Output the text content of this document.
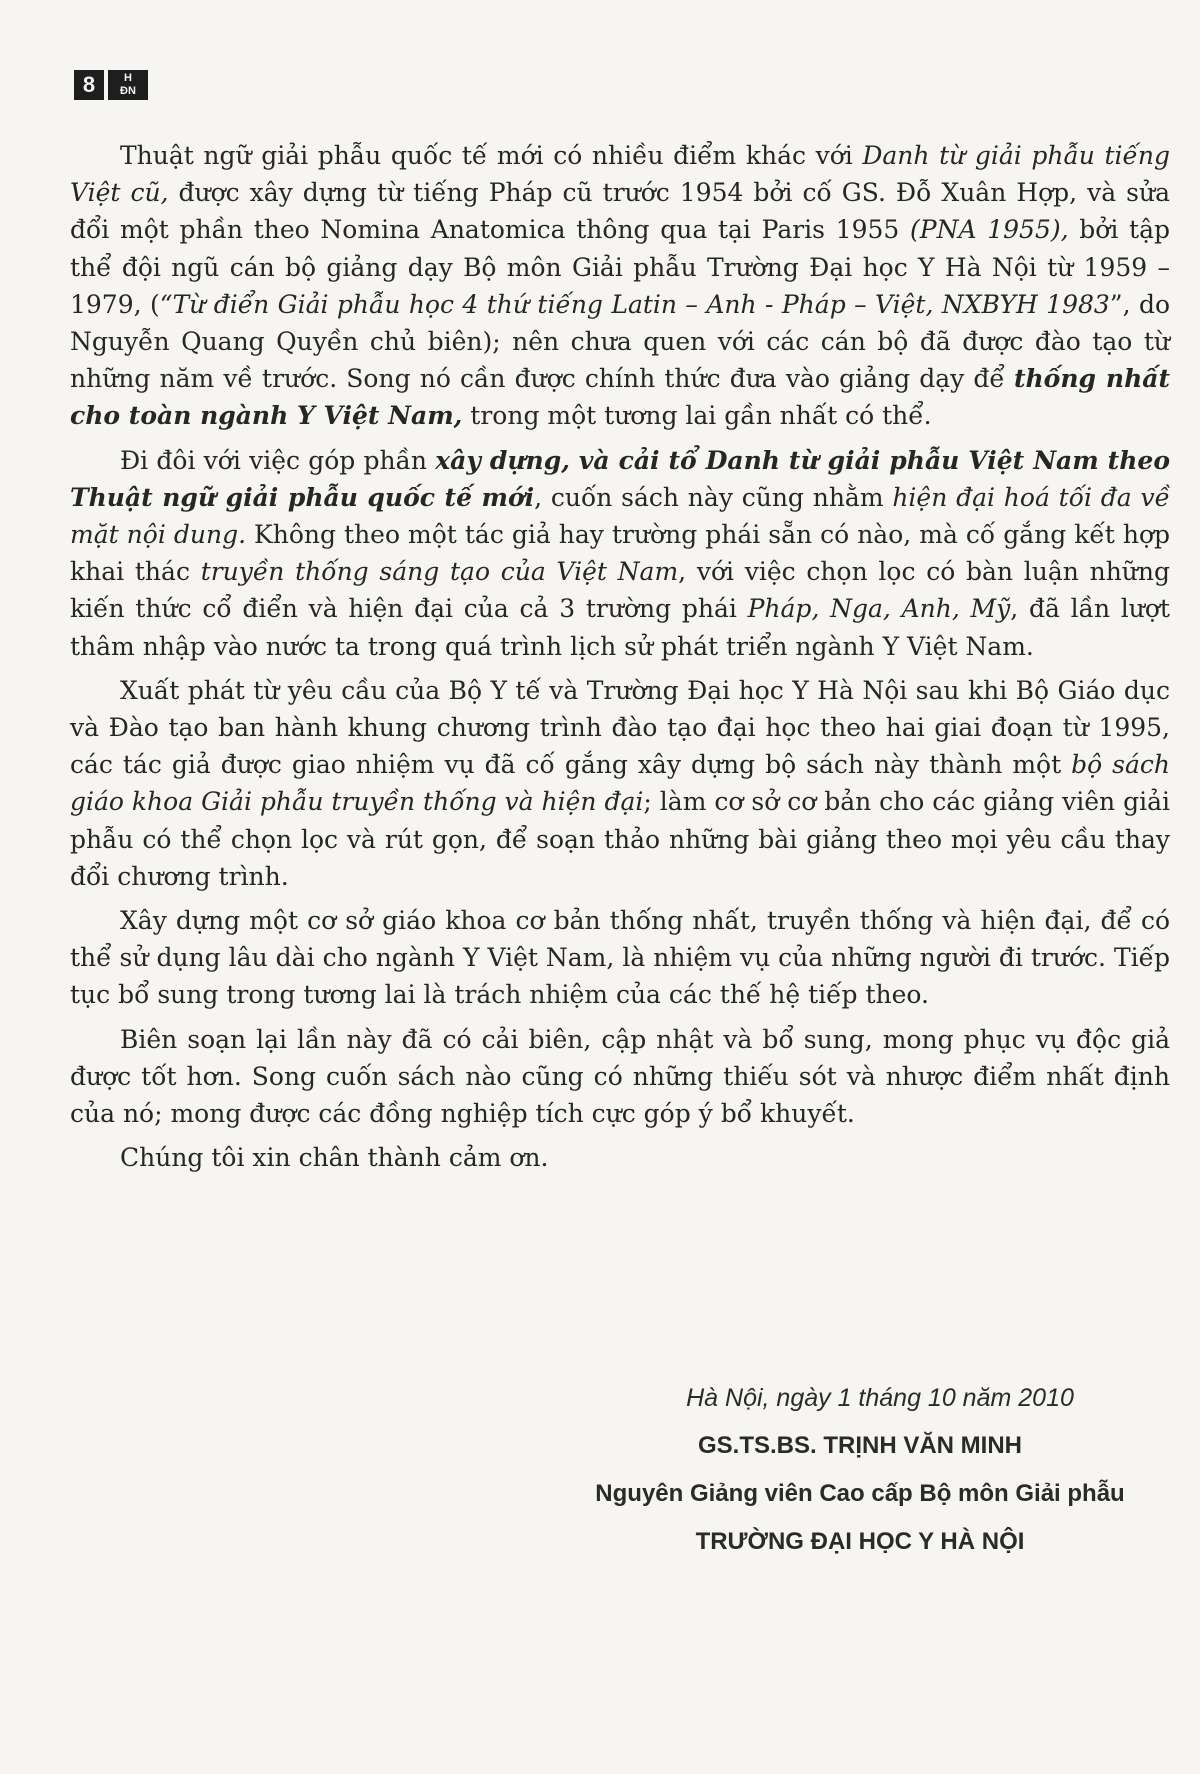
8	H
ĐN

Thuật ngữ giải phẫu quốc tế mới có nhiều điểm khác với Danh từ giải phẫu tiếng Việt cũ, được xây dựng từ tiếng Pháp cũ trước 1954 bởi cố GS. Đỗ Xuân Hợp, và sửa đổi một phần theo Nomina Anatomica thông qua tại Paris 1955 (PNA 1955), bởi tập thể đội ngũ cán bộ giảng dạy Bộ môn Giải phẫu Trường Đại học Y Hà Nội từ 1959 – 1979, (“Từ điển Giải phẫu học 4 thứ tiếng Latin – Anh - Pháp – Việt, NXBYH 1983”, do Nguyễn Quang Quyền chủ biên); nên chưa quen với các cán bộ đã được đào tạo từ những năm về trước. Song nó cần được chính thức đưa vào giảng dạy để thống nhất cho toàn ngành Y Việt Nam, trong một tương lai gần nhất có thể.

Đi đôi với việc góp phần xây dựng, và cải tổ Danh từ giải phẫu Việt Nam theo Thuật ngữ giải phẫu quốc tế mới, cuốn sách này cũng nhằm hiện đại hoá tối đa về mặt nội dung. Không theo một tác giả hay trường phái sẵn có nào, mà cố gắng kết hợp khai thác truyền thống sáng tạo của Việt Nam, với việc chọn lọc có bàn luận những kiến thức cổ điển và hiện đại của cả 3 trường phái Pháp, Nga, Anh, Mỹ, đã lần lượt thâm nhập vào nước ta trong quá trình lịch sử phát triển ngành Y Việt Nam.

Xuất phát từ yêu cầu của Bộ Y tế và Trường Đại học Y Hà Nội sau khi Bộ Giáo dục và Đào tạo ban hành khung chương trình đào tạo đại học theo hai giai đoạn từ 1995, các tác giả được giao nhiệm vụ đã cố gắng xây dựng bộ sách này thành một bộ sách giáo khoa Giải phẫu truyền thống và hiện đại; làm cơ sở cơ bản cho các giảng viên giải phẫu có thể chọn lọc và rút gọn, để soạn thảo những bài giảng theo mọi yêu cầu thay đổi chương trình.

Xây dựng một cơ sở giáo khoa cơ bản thống nhất, truyền thống và hiện đại, để có thể sử dụng lâu dài cho ngành Y Việt Nam, là nhiệm vụ của những người đi trước. Tiếp tục bổ sung trong tương lai là trách nhiệm của các thế hệ tiếp theo.

Biên soạn lại lần này đã có cải biên, cập nhật và bổ sung, mong phục vụ độc giả được tốt hơn. Song cuốn sách nào cũng có những thiếu sót và nhược điểm nhất định của nó; mong được các đồng nghiệp tích cực góp ý bổ khuyết.

Chúng tôi xin chân thành cảm ơn.

Hà Nội, ngày 1 tháng 10 năm 2010
GS.TS.BS. TRỊNH VĂN MINH
Nguyên Giảng viên Cao cấp Bộ môn Giải phẫu
TRƯỜNG ĐẠI HỌC Y HÀ NỘI
